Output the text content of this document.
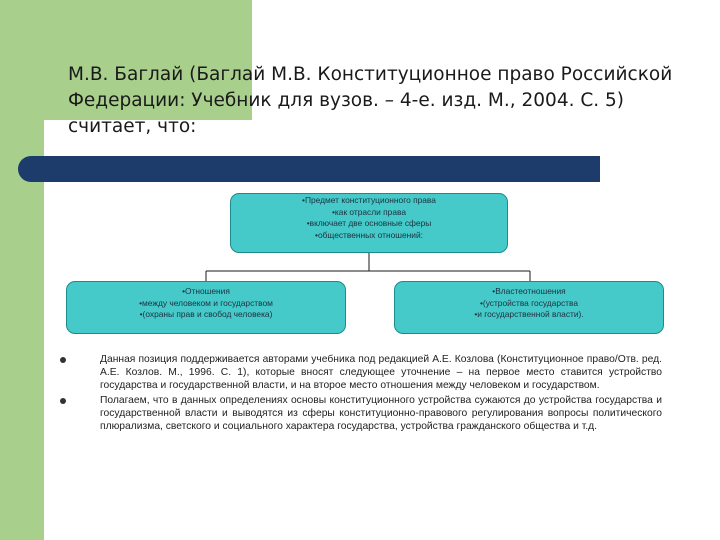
М.В. Баглай (Баглай М.В. Конституционное право Российской Федерации: Учебник для вузов. – 4-е. изд. М., 2004. С. 5) считает, что:
•Предмет конституционного права
•как отрасли права
•включает две основные сферы
•общественных отношений:
•Отношения
•между человеком и государством
•(охраны прав и свобод человека)
•Властеотношения
•(устройства государства
•и государственной власти).
Данная позиция поддерживается авторами учебника под редакцией А.Е. Козлова (Конституционное право/Отв. ред. А.Е. Козлов. М., 1996. С. 1), которые вносят следующее уточнение – на первое место ставится устройство государства и государственной власти, и на второе место отношения между человеком и государством.
Полагаем, что в данных определениях основы конституционного устройства сужаются до устройства государства и государственной власти и выводятся из сферы конституционно-правового регулирования вопросы политического плюрализма, светского и социального характера государства, устройства гражданского общества и т.д.
